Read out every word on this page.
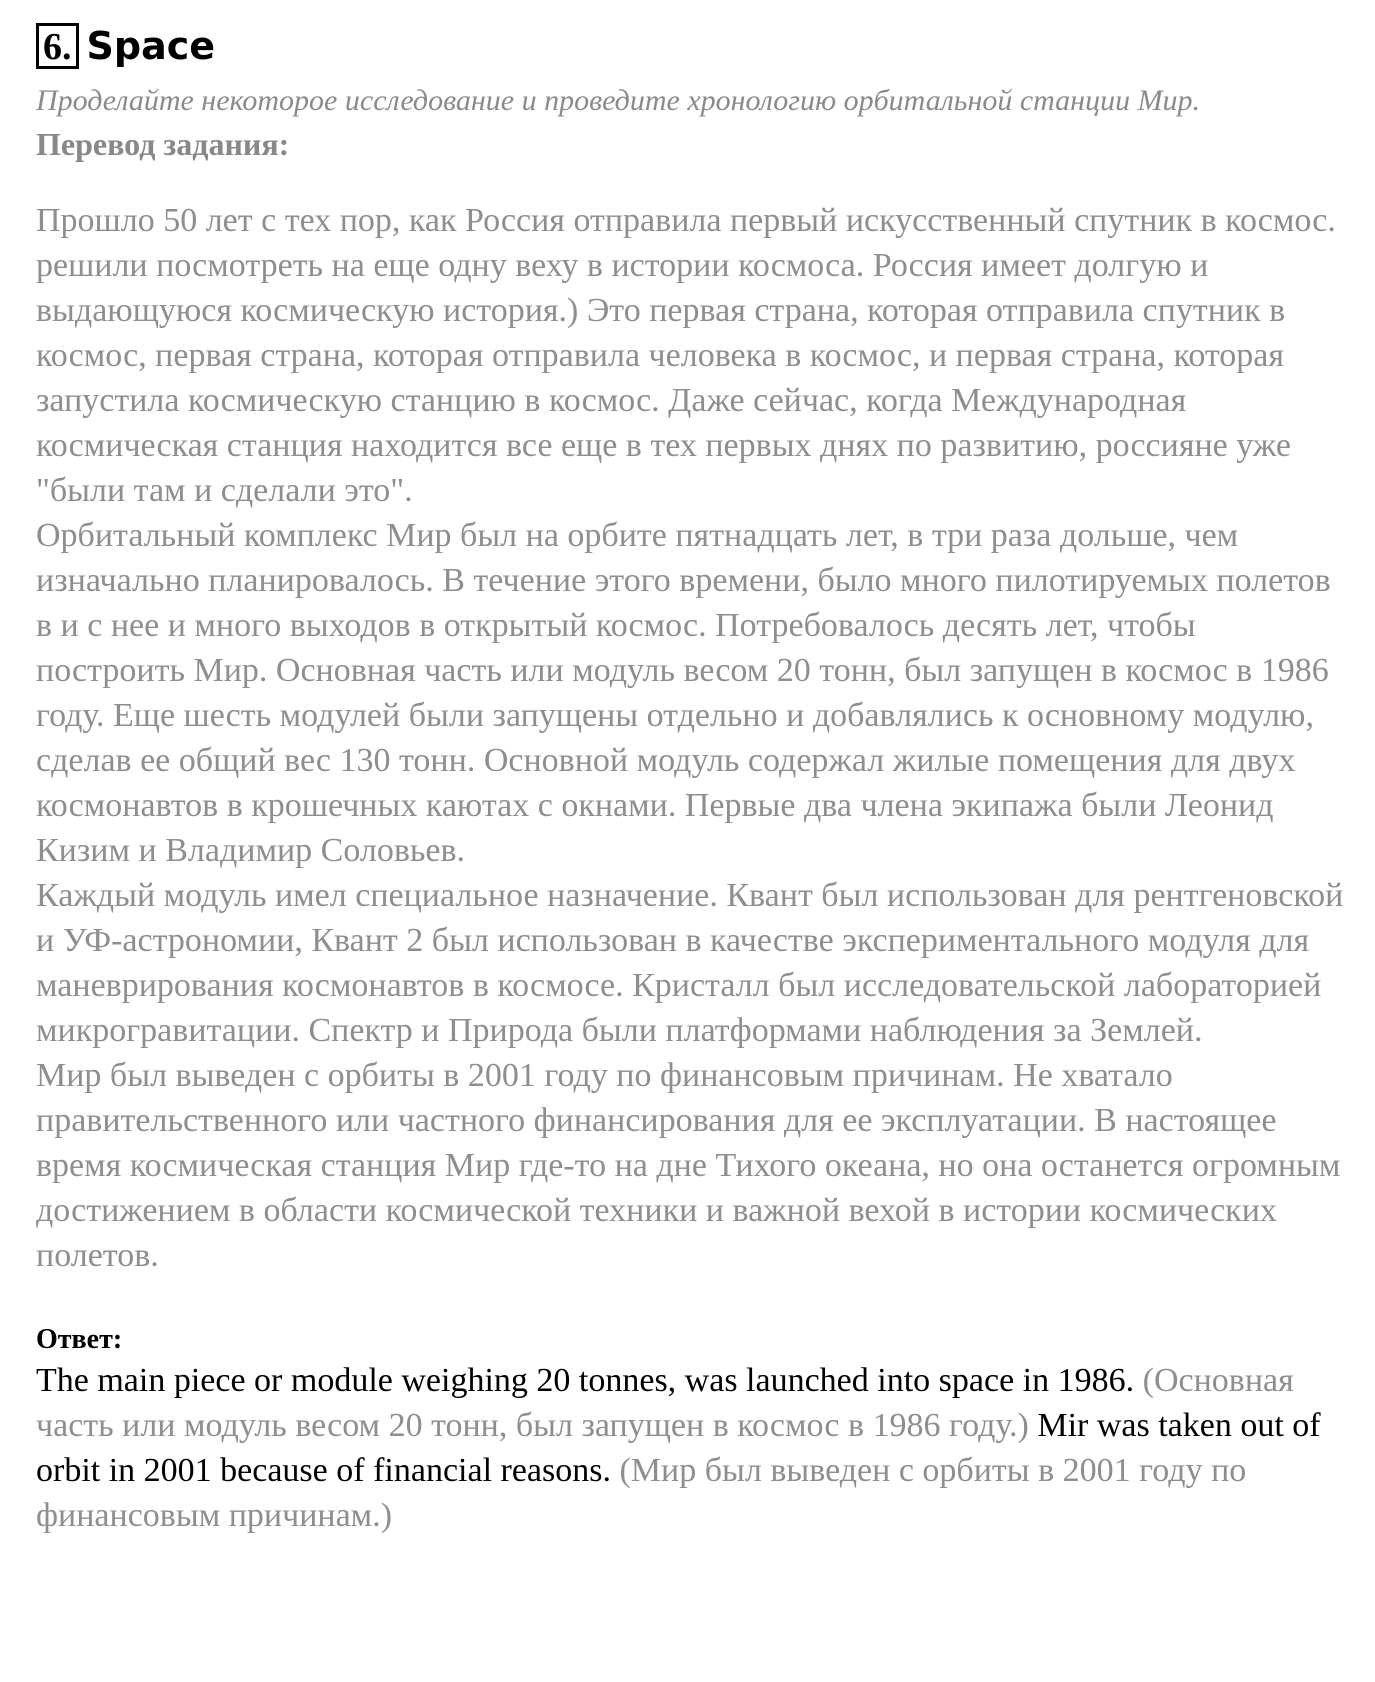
6. Space
Проделайте некоторое исследование и проведите хронологию орбитальной станции Мир.
Перевод задания:

Прошло 50 лет с тех пор, как Россия отправила первый искусственный спутник в космос. решили посмотреть на еще одну веху в истории космоса. Россия имеет долгую и выдающуюся космическую история.) Это первая страна, которая отправила спутник в космос, первая страна, которая отправила человека в космос, и первая страна, которая запустила космическую станцию в космос. Даже сейчас, когда Международная космическая станция находится все еще в тех первых днях по развитию, россияне уже "были там и сделали это".

Орбитальный комплекс Мир был на орбите пятнадцать лет, в три раза дольше, чем изначально планировалось. В течение этого времени, было много пилотируемых полетов в и с нее и много выходов в открытый космос. Потребовалось десять лет, чтобы построить Мир. Основная часть или модуль весом 20 тонн, был запущен в космос в 1986 году. Еще шесть модулей были запущены отдельно и добавлялись к основному модулю, сделав ее общий вес 130 тонн. Основной модуль содержал жилые помещения для двух космонавтов в крошечных каютах с окнами. Первые два члена экипажа были Леонид Кизим и Владимир Соловьев.

Каждый модуль имел специальное назначение. Квант был использован для рентгеновской и УФ-астрономии, Квант 2 был использован в качестве экспериментального модуля для маневрирования космонавтов в космосе. Кристалл был исследовательской лабораторией микрогравитации. Спектр и Природа были платформами наблюдения за Землей.

Мир был выведен с орбиты в 2001 году по финансовым причинам. Не хватало правительственного или частного финансирования для ее эксплуатации. В настоящее время космическая станция Мир где-то на дне Тихого океана, но она останется огромным достижением в области космической техники и важной вехой в истории космических полетов.

Ответ:
The main piece or module weighing 20 tonnes, was launched into space in 1986. (Основная часть или модуль весом 20 тонн, был запущен в космос в 1986 году.) Mir was taken out of orbit in 2001 because of financial reasons. (Мир был выведен с орбиты в 2001 году по финансовым причинам.)
